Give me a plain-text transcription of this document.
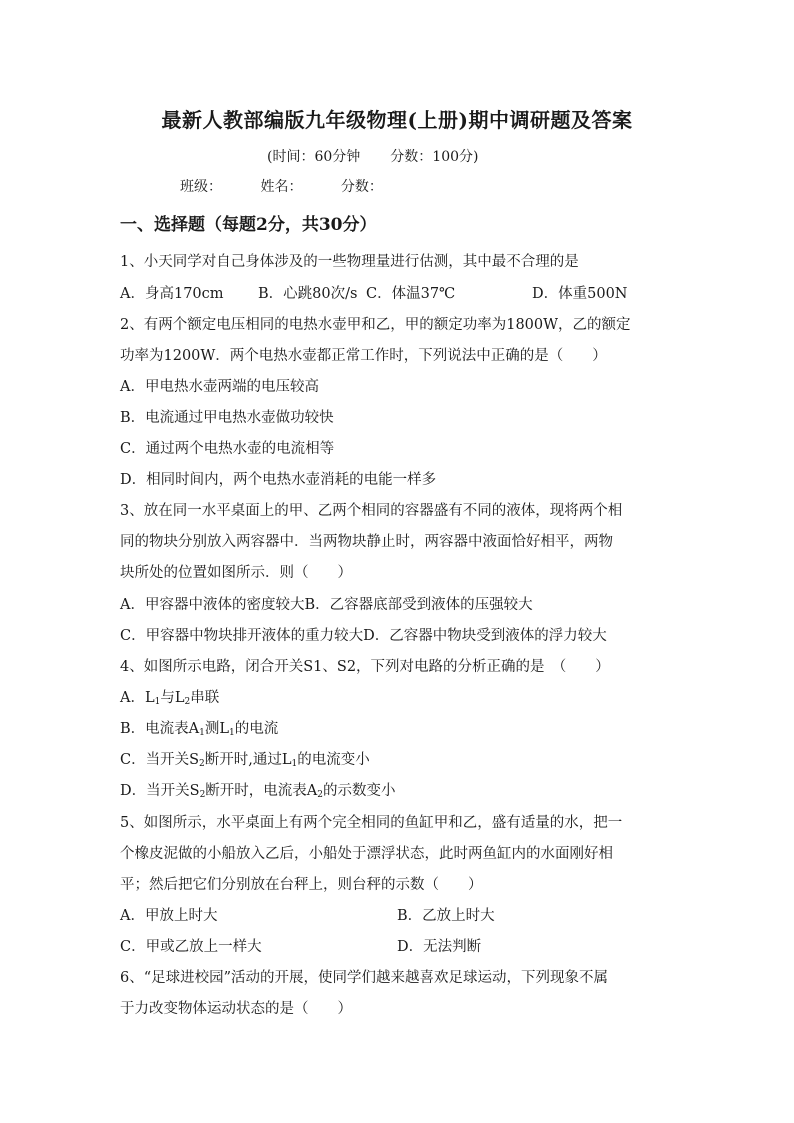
最新人教部编版九年级物理(上册)期中调研题及答案
(时间：60分钟 分数：100分)
班级：	姓名：	分数：
一、选择题（每题2分，共30分）
1、小天同学对自己身体涉及的一些物理量进行估测，其中最不合理的是
A．身高170cm B．心跳80次/s C．体温37℃	D．体重500N
2、有两个额定电压相同的电热水壶甲和乙，甲的额定功率为1800W，乙的额定
功率为1200W．两个电热水壶都正常工作时，下列说法中正确的是（　　）
A．甲电热水壶两端的电压较高
B．电流通过甲电热水壶做功较快
C．通过两个电热水壶的电流相等
D．相同时间内，两个电热水壶消耗的电能一样多
3、放在同一水平桌面上的甲、乙两个相同的容器盛有不同的液体，现将两个相
同的物块分别放入两容器中．当两物块静止时，两容器中液面恰好相平，两物
块所处的位置如图所示．则（　　）
A．甲容器中液体的密度较大B．乙容器底部受到液体的压强较大
C．甲容器中物块排开液体的重力较大D．乙容器中物块受到液体的浮力较大
4、如图所示电路，闭合开关S1、S2，下列对电路的分析正确的是　（　　）
A．$L_1$与$L_2$串联
B．电流表$A_1$测$L_1$的电流
C．当开关$S_2$断开时,通过$L_1$的电流变小
D．当开关$S_2$断开时，电流表$A_2$的示数变小
5、如图所示，水平桌面上有两个完全相同的鱼缸甲和乙，盛有适量的水，把一
个橡皮泥做的小船放入乙后，小船处于漂浮状态，此时两鱼缸内的水面刚好相
平；然后把它们分别放在台秤上，则台秤的示数（　　）
A．甲放上时大	B．乙放上时大
C．甲或乙放上一样大	D．无法判断
6、“足球进校园”活动的开展，使同学们越来越喜欢足球运动，下列现象不属
于力改变物体运动状态的是（　　）
